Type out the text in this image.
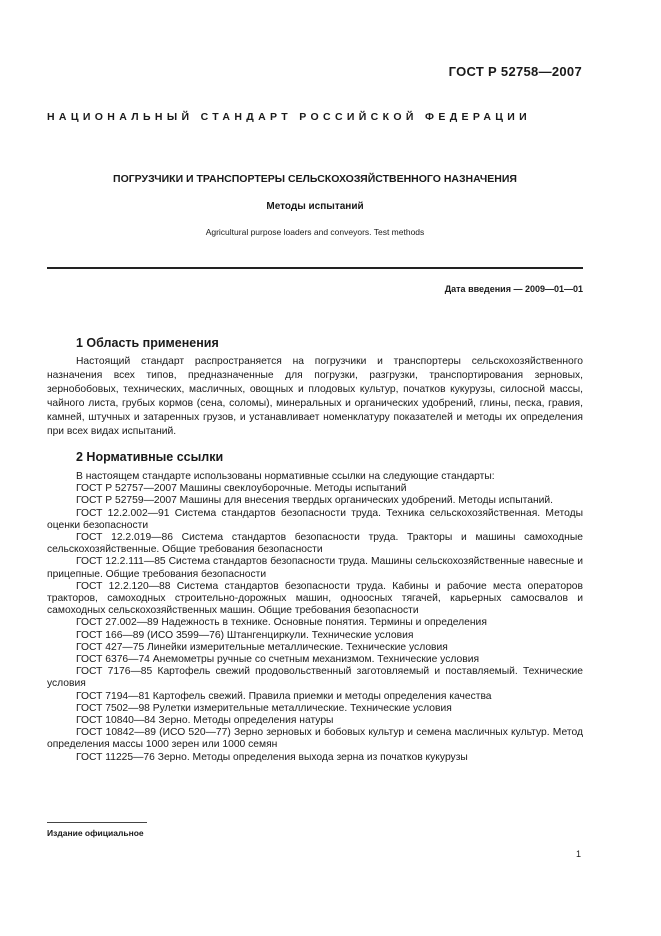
ГОСТ Р 52758—2007
НАЦИОНАЛЬНЫЙ СТАНДАРТ РОССИЙСКОЙ ФЕДЕРАЦИИ
ПОГРУЗЧИКИ И ТРАНСПОРТЕРЫ СЕЛЬСКОХОЗЯЙСТВЕННОГО НАЗНАЧЕНИЯ
Методы испытаний
Agricultural purpose loaders and conveyors. Test methods
Дата введения — 2009—01—01
1 Область применения

Настоящий стандарт распространяется на погрузчики и транспортеры сельскохозяйственного назначения всех типов, предназначенные для погрузки, разгрузки, транспортирования зерновых, зернобобовых, технических, масличных, овощных и плодовых культур, початков кукурузы, силосной массы, чайного листа, грубых кормов (сена, соломы), минеральных и органических удобрений, глины, песка, гравия, камней, штучных и затаренных грузов, и устанавливает номенклатуру показателей и методы их определения при всех видах испытаний.

2 Нормативные ссылки

В настоящем стандарте использованы нормативные ссылки на следующие стандарты:

ГОСТ Р 52757—2007 Машины свеклоуборочные. Методы испытаний

ГОСТ Р 52759—2007 Машины для внесения твердых органических удобрений. Методы испытаний.

ГОСТ 12.2.002—91 Система стандартов безопасности труда. Техника сельскохозяйственная. Методы оценки безопасности

ГОСТ 12.2.019—86 Система стандартов безопасности труда. Тракторы и машины самоходные сельскохозяйственные. Общие требования безопасности

ГОСТ 12.2.111—85 Система стандартов безопасности труда. Машины сельскохозяйственные навесные и прицепные. Общие требования безопасности

ГОСТ 12.2.120—88 Система стандартов безопасности труда. Кабины и рабочие места операторов тракторов, самоходных строительно-дорожных машин, одноосных тягачей, карьерных самосвалов и самоходных сельскохозяйственных машин. Общие требования безопасности

ГОСТ 27.002—89 Надежность в технике. Основные понятия. Термины и определения

ГОСТ 166—89 (ИСО 3599—76) Штангенциркули. Технические условия

ГОСТ 427—75 Линейки измерительные металлические. Технические условия

ГОСТ 6376—74 Анемометры ручные со счетным механизмом. Технические условия

ГОСТ 7176—85 Картофель свежий продовольственный заготовляемый и поставляемый. Технические условия

ГОСТ 7194—81 Картофель свежий. Правила приемки и методы определения качества

ГОСТ 7502—98 Рулетки измерительные металлические. Технические условия

ГОСТ 10840—84 Зерно. Методы определения натуры

ГОСТ 10842—89 (ИСО 520—77) Зерно зерновых и бобовых культур и семена масличных культур. Метод определения массы 1000 зерен или 1000 семян

ГОСТ 11225—76 Зерно. Методы определения выхода зерна из початков кукурузы

Издание официальное
1
